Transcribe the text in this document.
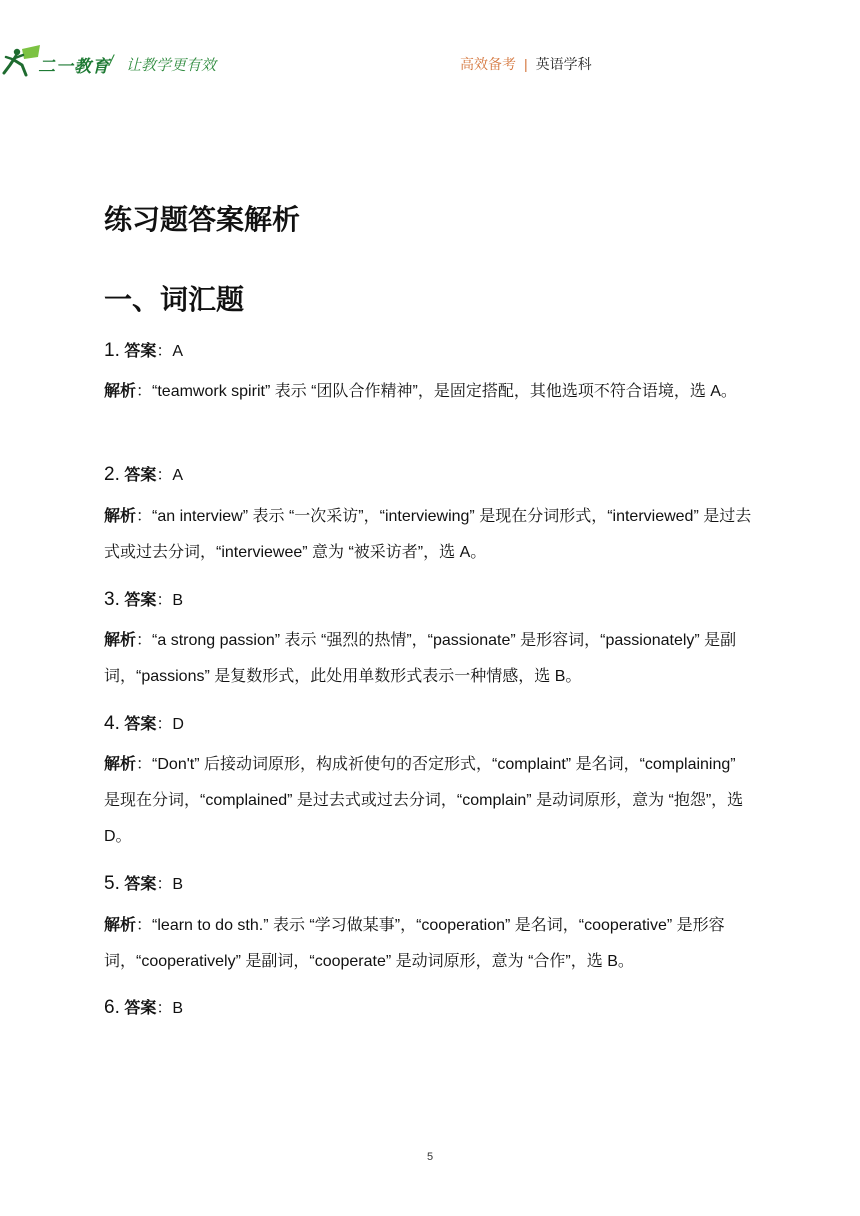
二一教育 / 让教学更有效	高效备考 | 英语学科
练习题答案解析
一、词汇题
1. 答案：A
解析：“teamwork spirit” 表示 “团队合作精神”，是固定搭配，其他选项不符合语境，选 A。
2. 答案：A
解析：“an interview” 表示 “一次采访”，“interviewing” 是现在分词形式，“interviewed” 是过去式或过去分词，“interviewee” 意为 “被采访者”，选 A。
3. 答案：B
解析：“a strong passion” 表示 “强烈的热情”，“passionate” 是形容词，“passionately” 是副词，“passions” 是复数形式，此处用单数形式表示一种情感，选 B。
4. 答案：D
解析：“Don't” 后接动词原形，构成祈使句的否定形式，“complaint” 是名词，“complaining” 是现在分词，“complained” 是过去式或过去分词，“complain” 是动词原形，意为 “抱怨”，选 D。
5. 答案：B
解析：“learn to do sth.” 表示 “学习做某事”，“cooperation” 是名词，“cooperative” 是形容词，“cooperatively” 是副词，“cooperate” 是动词原形，意为 “合作”，选 B。
6. 答案：B
5
